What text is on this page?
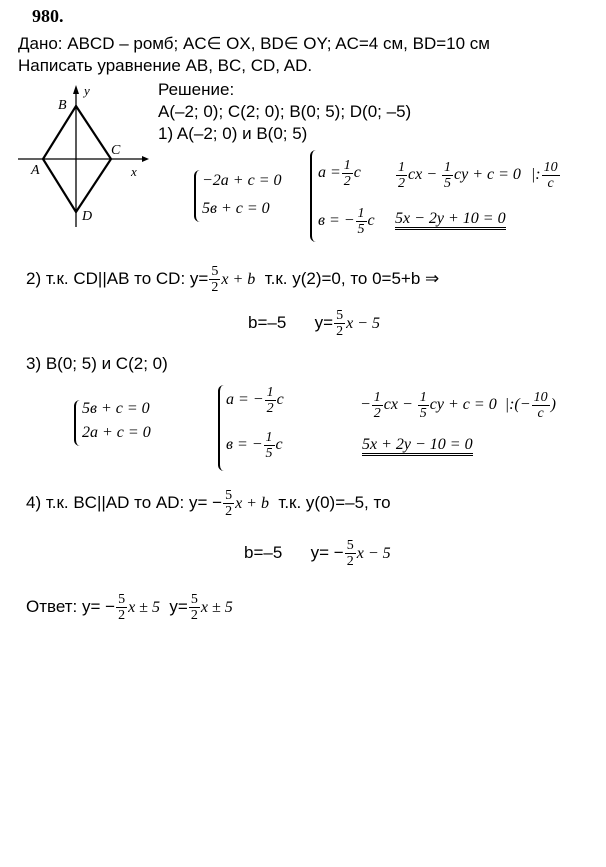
980.
Дано: ABCD – ромб; AC∈ OX, BD∈ OY; AC=4 см, BD=10 см
Написать уравнение AB, BC, CD, AD.
A
B
C
D
y
x
Решение:
A(–2; 0); C(2; 0); B(0; 5); D(0; –5)
1) A(–2; 0) и B(0; 5)
−2a + c = 0
5в + c = 0
$a = \frac{1}{2}$ c
в = − $\frac{1}{5}$ c
$\frac{1}{2}$ cx − $\frac{1}{5}$ cy + c = 0 |: $\frac{10}{c}$
5x − 2y + 10 = 0
2) т.к. CD||AB то CD: $y= \frac{5}{2}$ x + b т.к. y(2)=0, то 0=5+b ⇒
b=–5 $y= \frac{5}{2}$ x − 5
3) B(0; 5) и C(2; 0)
5в + c = 0
2a + c = 0
a = − $\frac{1}{2}$ c
в = − $\frac{1}{5}$ c
− $\frac{1}{2}$ cx − $\frac{1}{5}$ cy + c = 0 |:(− $\frac{10}{c}$ )
5x + 2y − 10 = 0
4) т.к. BC||AD то AD: $y= - \frac{5}{2}$ x + b т.к. y(0)=–5, то
b=–5 $y= - \frac{5}{2}$ x − 5
Ответ: $y= - \frac{5}{2}$ x ± 5 $y= \frac{5}{2}$ x ± 5
